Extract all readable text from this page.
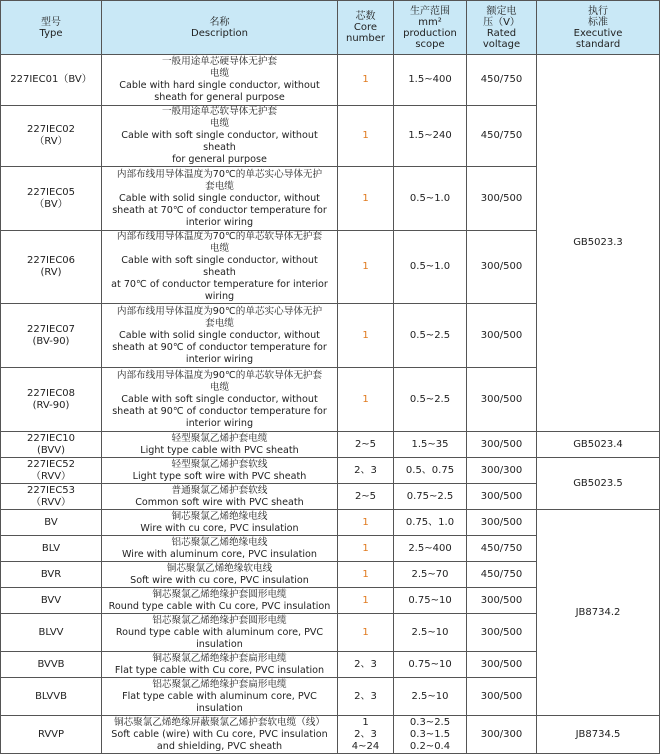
型号
Type	名称
Description	芯数
Core
number	生产范围
mm²
production
scope	额定电
压（V）
Rated
voltage	执行
标准
Executive
standard

227IEC01（BV）	一般用途单芯硬导体无护套
电缆
Cable with hard single conductor, without
sheath for general purpose	1	1.5~400	450/750	GB5023.3

227IEC02
（RV）	一般用途单芯软导体无护套
电缆
Cable with soft single conductor, without sheath
for general purpose	1	1.5~240	450/750	

227IEC05
（BV）	内部布线用导体温度为70℃的单芯实心导体无护
套电缆
Cable with solid single conductor, without
sheath at 70℃ of conductor temperature for
interior wiring	1	0.5~1.0	300/500	

227IEC06
(RV)	内部布线用导体温度为70℃的单芯软导体无护套
电缆
Cable with soft single conductor, without sheath
at 70℃ of conductor temperature for interior
wiring	1	0.5~1.0	300/500	

227IEC07
(BV-90)	内部布线用导体温度为90℃的单芯实心导体无护
套电缆
Cable with solid single conductor, without
sheath at 90℃ of conductor temperature for
interior wiring	1	0.5~2.5	300/500	

227IEC08
(RV-90)	内部布线用导体温度为90℃的单芯软导体无护套
电缆
Cable with soft single conductor, without
sheath at 90℃ of conductor temperature for
interior wiring	1	0.5~2.5	300/500	

227IEC10
(BVV)	轻型聚氯乙烯护套电缆
Light type cable with PVC sheath	2~5	1.5~35	300/500	GB5023.4

227IEC52
（RVV）	轻型聚氯乙烯护套软线
Light type soft wire with PVC sheath	2、3	0.5、0.75	300/300	GB5023.5

227IEC53
（RVV）	普通聚氯乙烯护套软线
Common soft wire with PVC sheath	2~5	0.75~2.5	300/500	

BV	铜芯聚氯乙烯绝缘电线
Wire with cu core, PVC insulation	1	0.75、1.0	300/500	JB8734.2

BLV	铝芯聚氯乙烯绝缘电线
Wire with aluminum core, PVC insulation	1	2.5~400	450/750	

BVR	铜芯聚氯乙烯绝缘软电线
Soft wire with cu core, PVC insulation	1	2.5~70	450/750	

BVV	铜芯聚氯乙烯绝缘护套圆形电缆
Round type cable with Cu core, PVC insulation	1	0.75~10	300/500	

BLVV	铝芯聚氯乙烯绝缘护套圆形电缆
Round type cable with aluminum core, PVC
insulation	1	2.5~10	300/500	

BVVB	铜芯聚氯乙烯绝缘护套扁形电缆
Flat type cable with Cu core, PVC insulation	2、3	0.75~10	300/500	

BLVVB	铝芯聚氯乙烯绝缘护套扁形电缆
Flat type cable with aluminum core, PVC
insulation	2、3	2.5~10	300/500	

RVVP	铜芯聚氯乙烯绝缘屏蔽聚氯乙烯护套软电缆（线）
Soft cable (wire) with Cu core, PVC insulation
and shielding, PVC sheath	1
2、3
4~24	0.3~2.5
0.3~1.5
0.2~0.4	300/300	JB8734.5
